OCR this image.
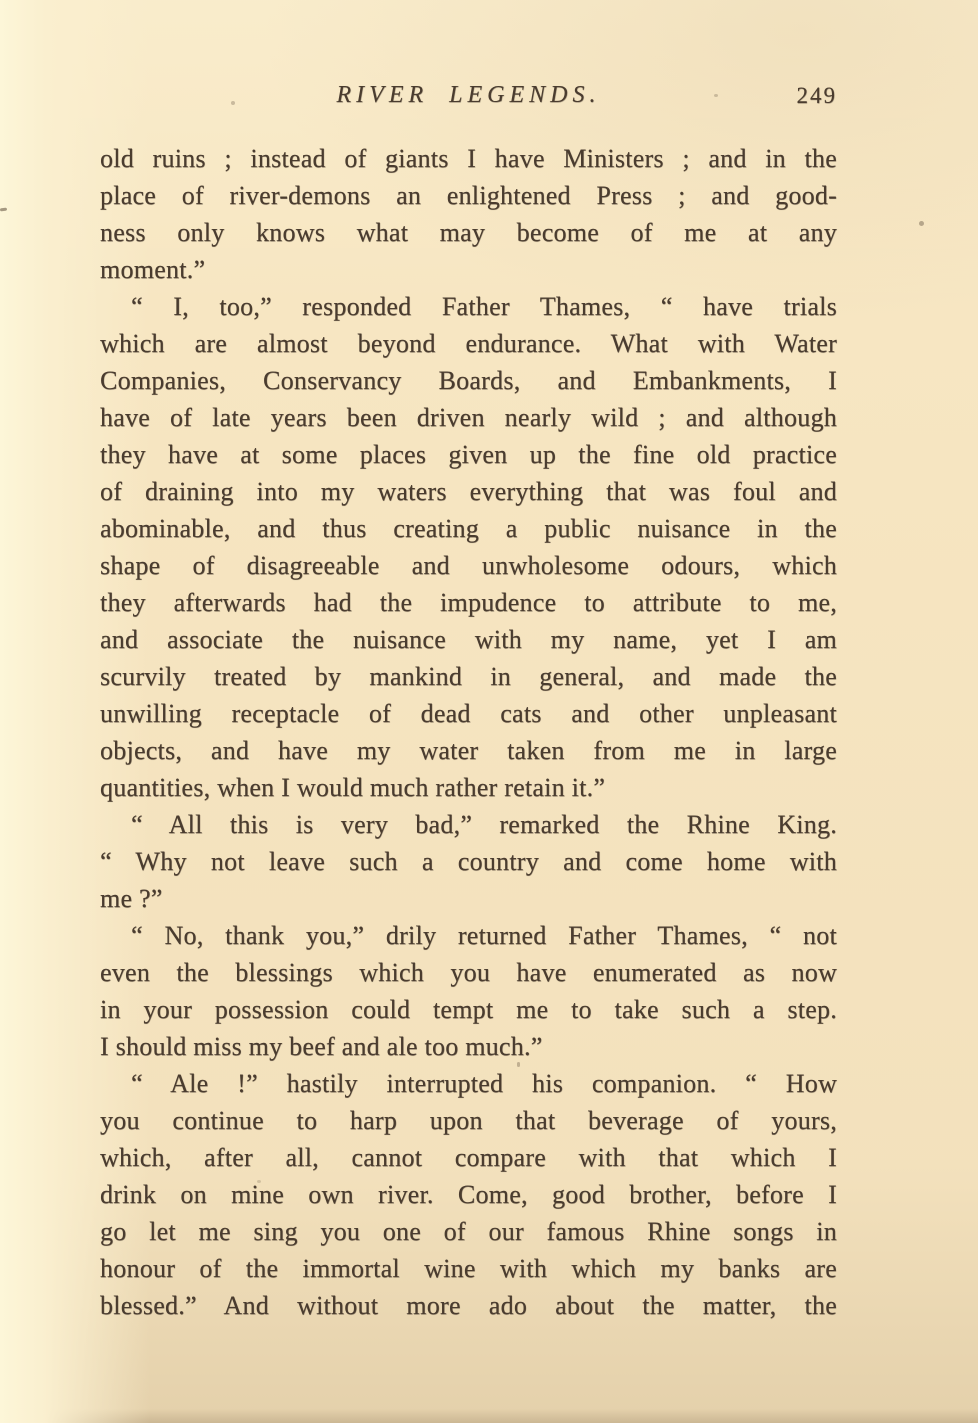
RIVER LEGENDS.	249
old ruins ; instead of giants I have Ministers ; and in the
place of river-demons an enlightened Press ; and good-
ness only knows what may become of me at any
moment.”
“ I, too,” responded Father Thames, “ have trials
which are almost beyond endurance. What with Water
Companies, Conservancy Boards, and Embankments, I
have of late years been driven nearly wild ; and although
they have at some places given up the fine old practice
of draining into my waters everything that was foul and
abominable, and thus creating a public nuisance in the
shape of disagreeable and unwholesome odours, which
they afterwards had the impudence to attribute to me,
and associate the nuisance with my name, yet I am
scurvily treated by mankind in general, and made the
unwilling receptacle of dead cats and other unpleasant
objects, and have my water taken from me in large
quantities, when I would much rather retain it.”
“ All this is very bad,” remarked the Rhine King.
“ Why not leave such a country and come home with
me ?”
“ No, thank you,” drily returned Father Thames, “ not
even the blessings which you have enumerated as now
in your possession could tempt me to take such a step.
I should miss my beef and ale too much.”
“ Ale !” hastily interrupted his companion. “ How
you continue to harp upon that beverage of yours,
which, after all, cannot compare with that which I
drink on mine own river. Come, good brother, before I
go let me sing you one of our famous Rhine songs in
honour of the immortal wine with which my banks are
blessed.” And without more ado about the matter, the
